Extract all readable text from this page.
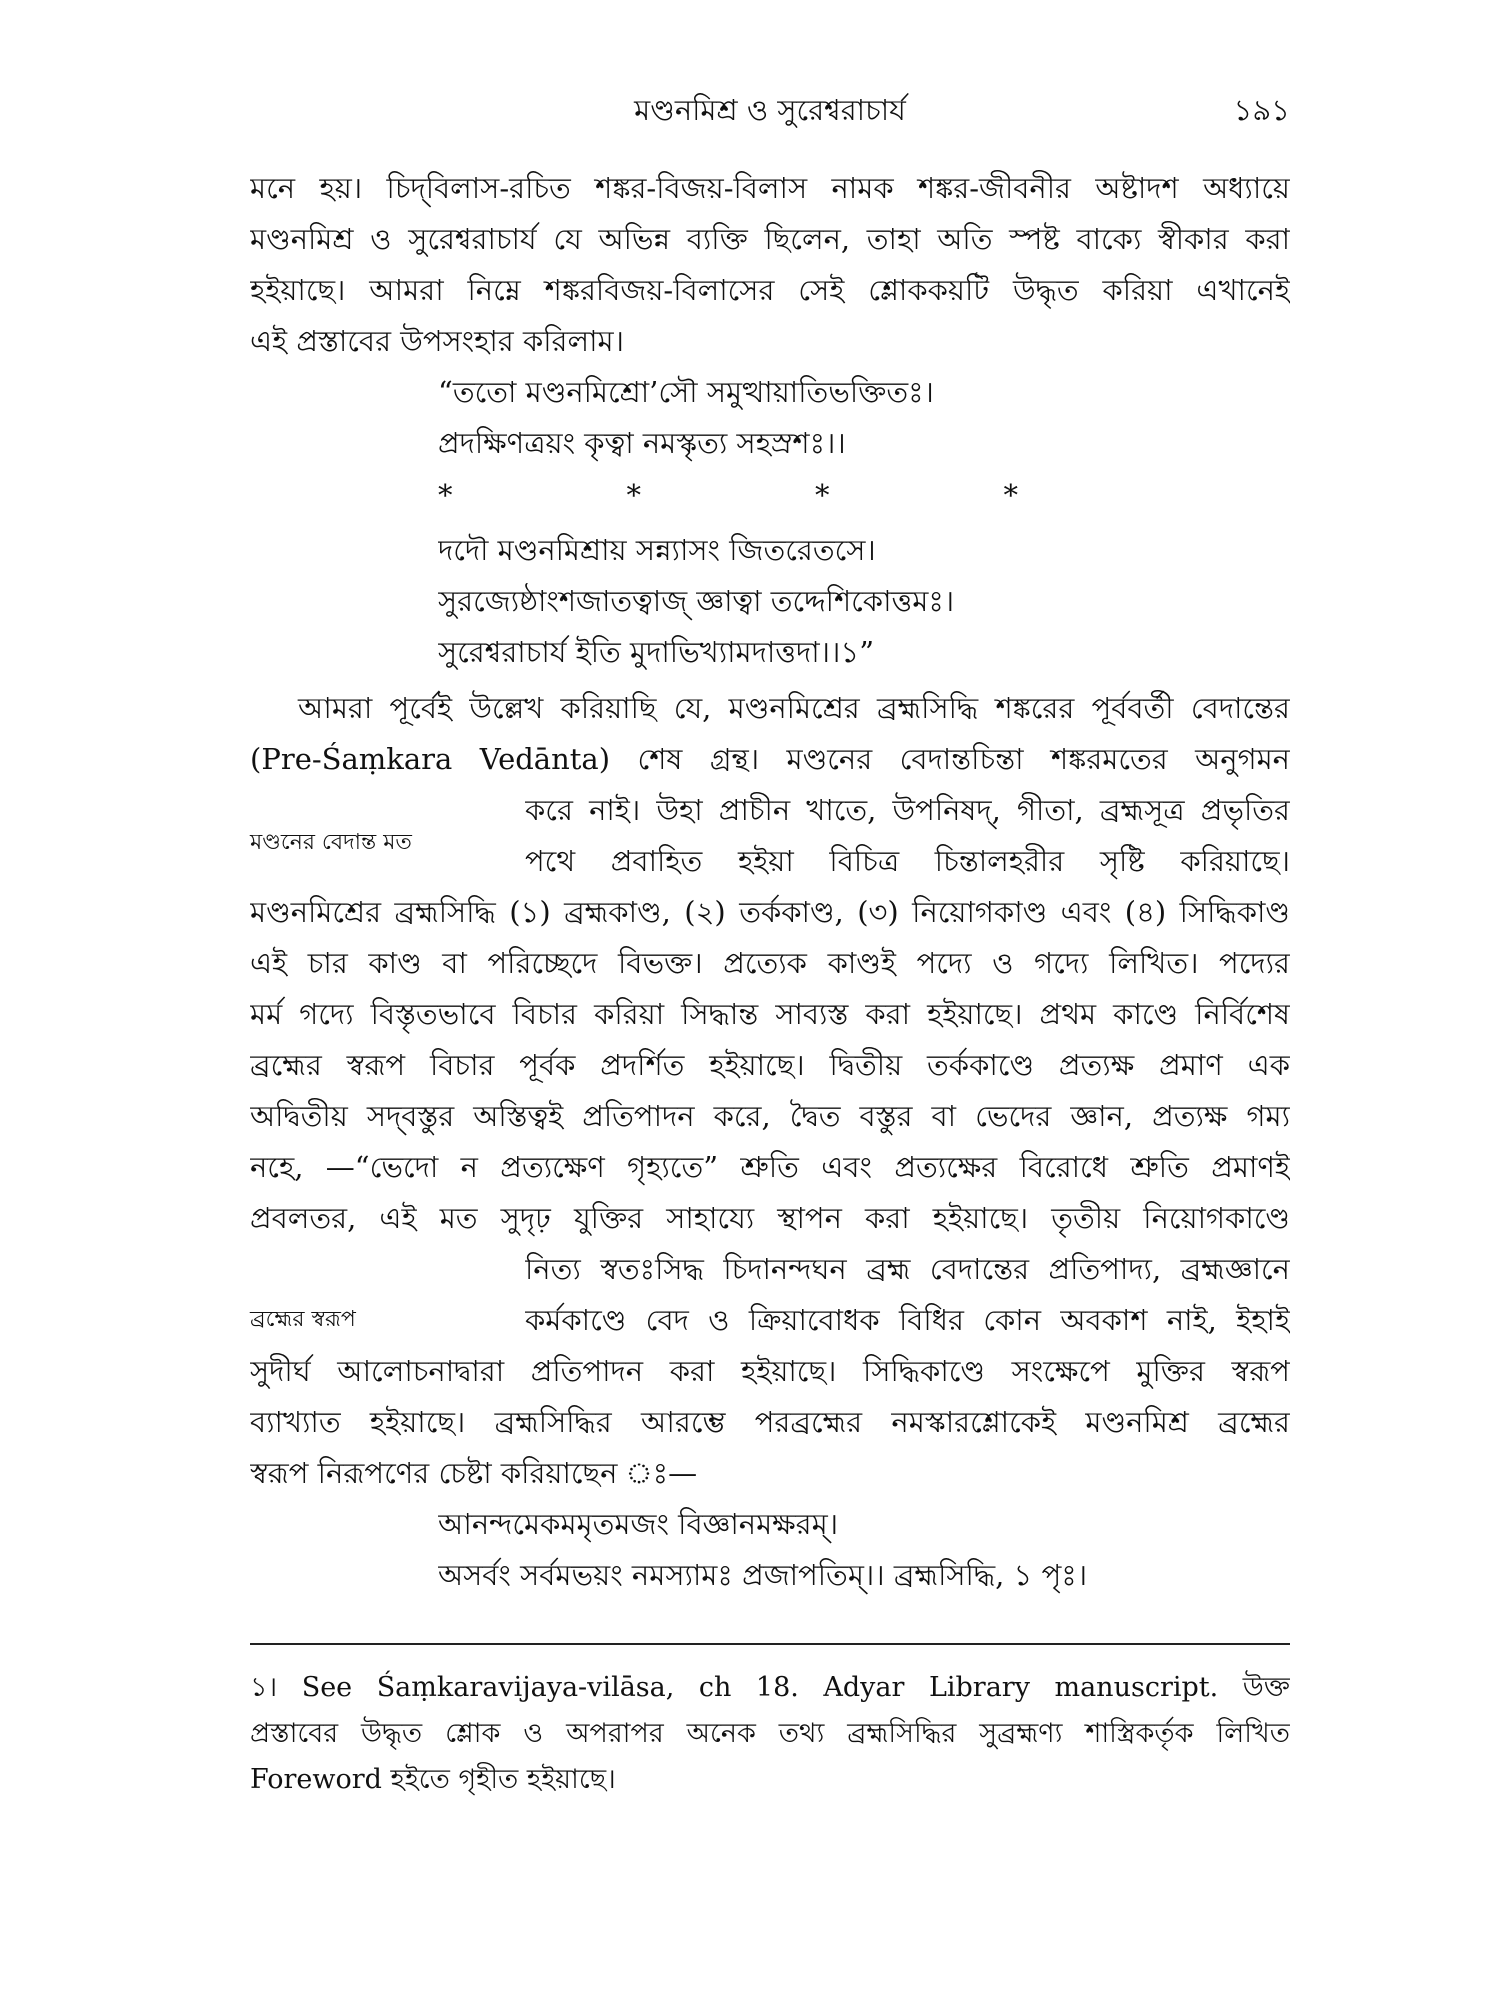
মণ্ডনমিশ্র ও সুরেশ্বরাচার্য	১৯১
মনে হয়। চিদ্‌বিলাস-রচিত শঙ্কর-বিজয়-বিলাস নামক শঙ্কর-জীবনীর অষ্টাদশ অধ্যায়ে
মণ্ডনমিশ্র ও সুরেশ্বরাচার্য যে অভিন্ন ব্যক্তি ছিলেন, তাহা অতি স্পষ্ট বাক্যে স্বীকার করা
হইয়াছে। আমরা নিম্নে শঙ্করবিজয়-বিলাসের সেই শ্লোককয়টি উদ্ধৃত করিয়া এখানেই
এই প্রস্তাবের উপসংহার করিলাম।
“ততো মণ্ডনমিশ্রো’সৌ সমুত্থায়াতিভক্তিতঃ।
প্রদক্ষিণত্রয়ং কৃত্বা নমস্কৃত্য সহস্রশঃ।।
*	*	*	*
দদৌ মণ্ডনমিশ্রায় সন্ন্যাসং জিতরেতসে।
সুরজ্যেষ্ঠাংশজাতত্বাজ্ জ্ঞাত্বা তদ্দেশিকোত্তমঃ।
সুরেশ্বরাচার্য ইতি মুদাভিখ্যামদাত্তদা।।১”
আমরা পূর্বেই উল্লেখ করিয়াছি যে, মণ্ডনমিশ্রের ব্রহ্মসিদ্ধি শঙ্করের পূর্ববর্তী বেদান্তের
(Pre-Śaṃkara Vedānta) শেষ গ্রন্থ। মণ্ডনের বেদান্তচিন্তা শঙ্করমতের অনুগমন
মণ্ডনের বেদান্ত মত
করে নাই। উহা প্রাচীন খাতে, উপনিষদ্, গীতা, ব্রহ্মসূত্র প্রভৃতির
পথে প্রবাহিত হইয়া বিচিত্র চিন্তালহরীর সৃষ্টি করিয়াছে।
মণ্ডনমিশ্রের ব্রহ্মসিদ্ধি (১) ব্রহ্মকাণ্ড, (২) তর্ককাণ্ড, (৩) নিয়োগকাণ্ড এবং (৪) সিদ্ধিকাণ্ড
এই চার কাণ্ড বা পরিচ্ছেদে বিভক্ত। প্রত্যেক কাণ্ডই পদ্যে ও গদ্যে লিখিত। পদ্যের
মর্ম গদ্যে বিস্তৃতভাবে বিচার করিয়া সিদ্ধান্ত সাব্যস্ত করা হইয়াছে। প্রথম কাণ্ডে নির্বিশেষ
ব্রহ্মের স্বরূপ বিচার পূর্বক প্রদর্শিত হইয়াছে। দ্বিতীয় তর্ককাণ্ডে প্রত্যক্ষ প্রমাণ এক
অদ্বিতীয় সদ্‌বস্তুর অস্তিত্বই প্রতিপাদন করে, দ্বৈত বস্তুর বা ভেদের জ্ঞান, প্রত্যক্ষ গম্য
নহে, —“ভেদো ন প্রত্যক্ষেণ গৃহ্যতে” শ্রুতি এবং প্রত্যক্ষের বিরোধে শ্রুতি প্রমাণই
প্রবলতর, এই মত সুদৃঢ় যুক্তির সাহায্যে স্থাপন করা হইয়াছে। তৃতীয় নিয়োগকাণ্ডে
ব্রহ্মের স্বরূপ
নিত্য স্বতঃসিদ্ধ চিদানন্দঘন ব্রহ্ম বেদান্তের প্রতিপাদ্য, ব্রহ্মজ্ঞানে
কর্মকাণ্ডে বেদ ও ক্রিয়াবোধক বিধির কোন অবকাশ নাই, ইহাই
সুদীর্ঘ আলোচনাদ্বারা প্রতিপাদন করা হইয়াছে। সিদ্ধিকাণ্ডে সংক্ষেপে মুক্তির স্বরূপ
ব্যাখ্যাত হইয়াছে। ব্রহ্মসিদ্ধির আরম্ভে পরব্রহ্মের নমস্কারশ্লোকেই মণ্ডনমিশ্র ব্রহ্মের
স্বরূপ নিরূপণের চেষ্টা করিয়াছেন ঃ—
আনন্দমেকমমৃতমজং বিজ্ঞানমক্ষরম্।
অসর্বং সর্বমভয়ং নমস্যামঃ প্রজাপতিম্।। ব্রহ্মসিদ্ধি, ১ পৃঃ।
১। See Śaṃkaravijaya-vilāsa, ch 18. Adyar Library manuscript. উক্ত
প্রস্তাবের উদ্ধৃত শ্লোক ও অপরাপর অনেক তথ্য ব্রহ্মসিদ্ধির সুব্রহ্মণ্য শাস্ত্রিকর্তৃক লিখিত
Foreword হইতে গৃহীত হইয়াছে।
